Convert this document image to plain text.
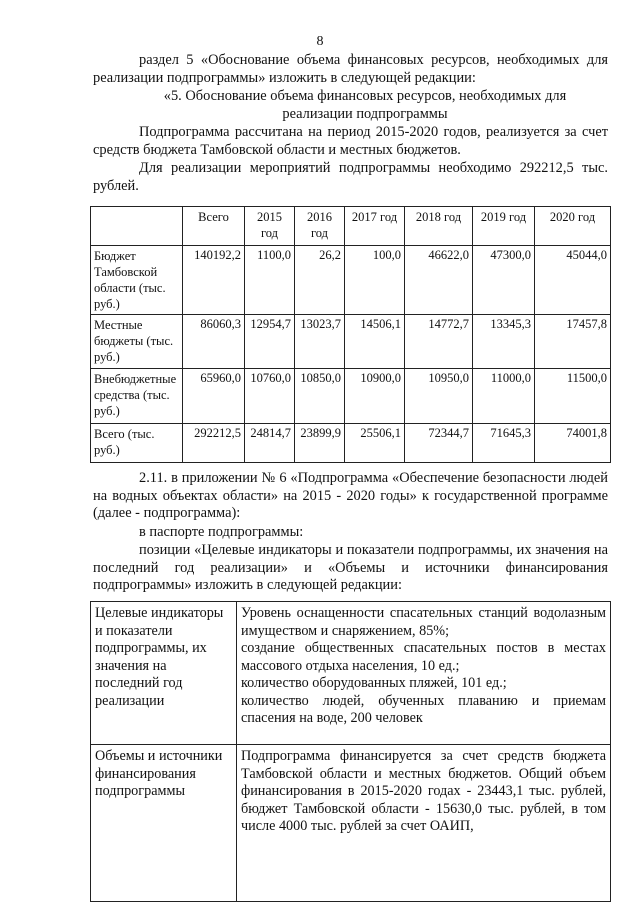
8
раздел 5 «Обоснование объема финансовых ресурсов, необходимых для реализации подпрограммы» изложить в следующей редакции:
«5. Обоснование объема финансовых ресурсов, необходимых для реализации подпрограммы
Подпрограмма рассчитана на период 2015-2020 годов, реализуется за счет средств бюджета Тамбовской области и местных бюджетов.
Для реализации мероприятий подпрограммы необходимо 292212,5 тыс. рублей.
	Всего	2015 год	2016 год	2017 год	2018 год	2019 год	2020 год
Бюджет Тамбовской области (тыс. руб.)	140192,2	1100,0	26,2	100,0	46622,0	47300,0	45044,0
Местные бюджеты (тыс. руб.)	86060,3	12954,7	13023,7	14506,1	14772,7	13345,3	17457,8
Внебюджетные средства (тыс. руб.)	65960,0	10760,0	10850,0	10900,0	10950,0	11000,0	11500,0
Всего (тыс. руб.)	292212,5	24814,7	23899,9	25506,1	72344,7	71645,3	74001,8
2.11. в приложении № 6 «Подпрограмма «Обеспечение безопасности людей на водных объектах области» на 2015 - 2020 годы» к государственной программе (далее - подпрограмма):
в паспорте подпрограммы:
позиции «Целевые индикаторы и показатели подпрограммы, их значения на последний год реализации» и «Объемы и источники финансирования подпрограммы» изложить в следующей редакции:
Целевые индикаторы и показатели подпрограммы, их значения на последний год реализации	Уровень оснащенности спасательных станций водолазным имуществом и снаряжением, 85%;
создание общественных спасательных постов в местах массового отдыха населения, 10 ед.;
количество оборудованных пляжей, 101 ед.;
количество людей, обученных плаванию и приемам спасения на воде, 200 человек

Объемы и источники финансирования подпрограммы	Подпрограмма финансируется за счет средств бюджета Тамбовской области и местных бюджетов. Общий объем финансирования в 2015-2020 годах - 23443,1 тыс. рублей, бюджет Тамбовской области - 15630,0 тыс. рублей, в том числе 4000 тыс. рублей за счет ОАИП,
